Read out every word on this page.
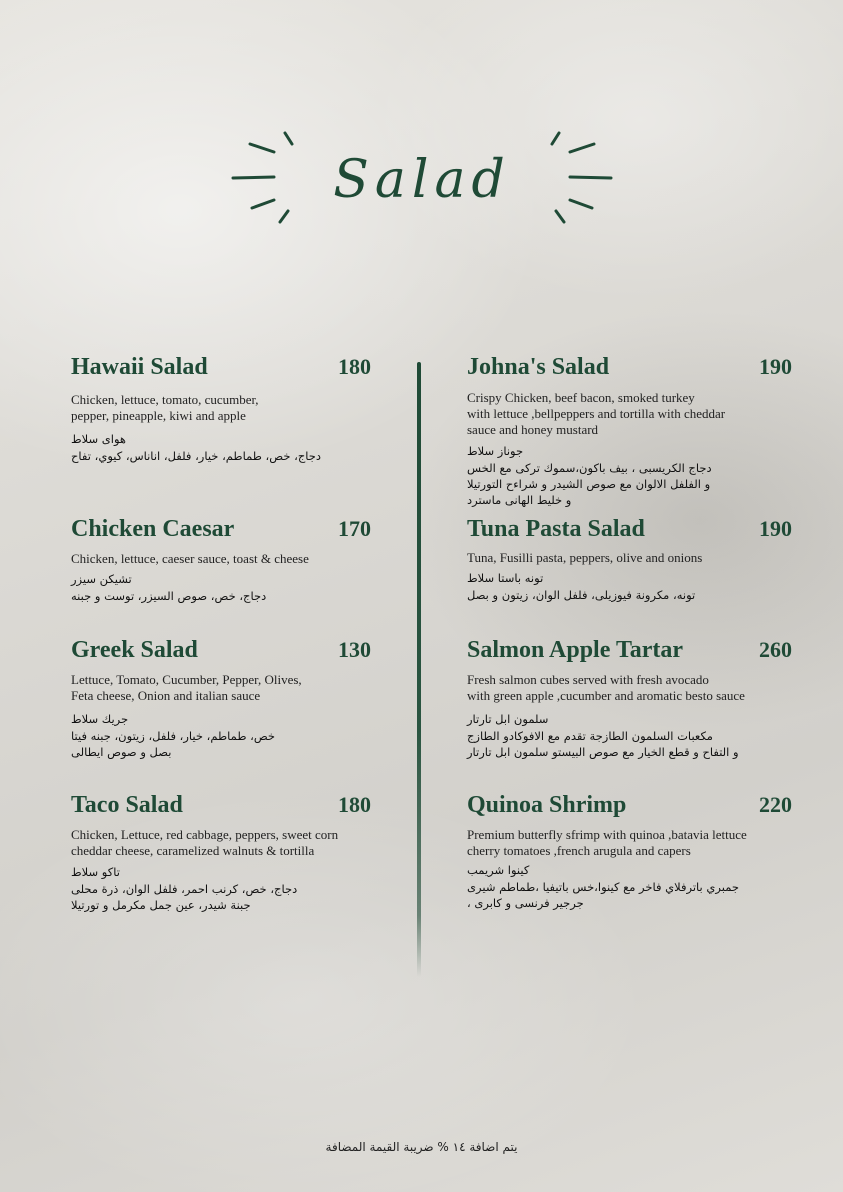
Salad
Hawaii Salad	180
Chicken, lettuce, tomato, cucumber,
pepper, pineapple, kiwi and apple
هواى سلاط
دجاج، خص، طماطم، خيار، فلفل، اناناس، كيوي، تفاح
Chicken Caesar	170
Chicken, lettuce, caeser sauce, toast & cheese
تشيكن سيزر
دجاج، خص، صوص السيزر، توست و جبنه
Greek Salad	130
Lettuce, Tomato, Cucumber, Pepper, Olives,
Feta cheese, Onion and italian sauce
جريك سلاط
خص، طماطم، خيار، فلفل، زيتون، جبنه فيتا
بصل و صوص ايطالى
Taco Salad	180
Chicken, Lettuce, red cabbage, peppers, sweet corn
cheddar cheese, caramelized walnuts & tortilla
تاكو سلاط
دجاج، خص، كرنب احمر، فلفل الوان، ذرة محلى
جبنة شيدر، عين جمل مكرمل و تورتيلا
Johna's Salad	190
Crispy Chicken, beef bacon, smoked turkey
with lettuce ,bellpeppers and tortilla with cheddar
sauce and honey mustard
جوناز سلاط
دجاج الكريسبى ، بيف باكون،سموك تركى مع الخس
و الفلفل الالوان مع صوص الشيدر و شراءح التورتيلا
و خليط الهانى ماسترد
Tuna Pasta Salad	190
Tuna, Fusilli pasta, peppers, olive and onions
تونه باستا سلاط
تونه، مكرونة فيوزيلى، فلفل الوان، زيتون و بصل
Salmon Apple Tartar	260
Fresh salmon cubes served with fresh avocado
with green apple ,cucumber and aromatic besto sauce
سلمون ابل تارتار
مكعبات السلمون الطازجة تقدم مع الافوكادو الطازج
و التفاح و قطع الخيار مع صوص البيستو سلمون ابل تارتار
Quinoa Shrimp	220
Premium butterfly sfrimp with quinoa ,batavia lettuce
cherry tomatoes ,french arugula and capers
كينوا شريمب
جمبري باترفلاي فاخر مع كينوا،خس باتيفيا ،طماطم شيرى
، جرجير فرنسى و كابرى
يتم اضافة ١٤ % ضريبة القيمة المضافة
